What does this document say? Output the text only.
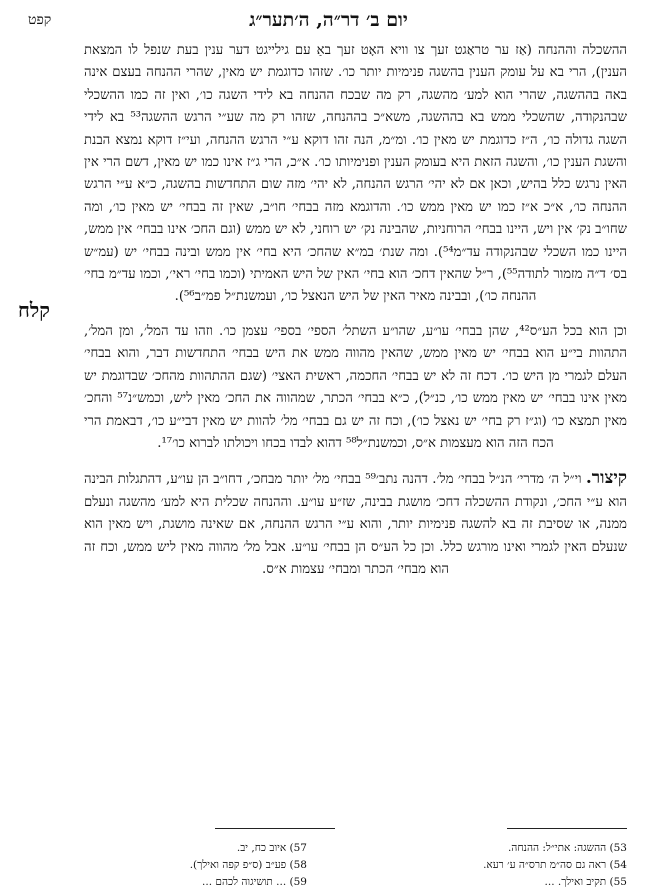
יום ב׳ דר״ה, ה׳תער״ג
קפט
קלח

ההשכלה וההנחה (אַז ער טראַגט זעך צו וויא האָט זעך באַ עם גילייגט דער ענין בעת שנפל לו המצאת הענין), הרי בא על עומק הענין בהשגה פנימיות יותר כו׳. שזהו כדוגמת יש מאין, שהרי ההנחה בעצם אינה באה בההשגה, שהרי הוא למע׳ מהשגה, רק מה שבכח ההנחה בא לידי השגה כו׳, ואין זה כמו ההשכלי שבהנקודה, שהשכלי ממש בא בההשגה, משא״כ בההנחה, שזהו רק מה שע״י הרגש ההשגה⁵³ בא לידי השגה גדולה כו׳, ה״ז כדוגמת יש מאין כו׳. ומ״מ, הנה זהו דוקא ע״י הרגש ההנחה, ועי״ז דוקא נמצא הבנת והשגת הענין כו׳, והשגה הזאת היא בעומק הענין ופנימיותו כו׳. א״כ, הרי ג״ז אינו כמו יש מאין, דשם הרי אין האין נרגש כלל בהיש, וכאן אם לא יהי׳ הרגש ההנחה, לא יהי׳ מזה שום התחדשות בהשגה, כ״א ע״י הרגש ההנחה כו׳, א״כ א״ז כמו יש מאין ממש כו׳. והדוגמא מזה בבחי׳ חו״ב, שאין זה בבחי׳ יש מאין כו׳, ומה שחו״ב נק׳ אין ויש, היינו בבחי׳ הרוחניות, שהבינה נק׳ יש רוחני, לא יש ממש (וגם החכ׳ אינו בבחי׳ אין ממש, היינו כמו השכלי שבהנקודה עד״מ⁵⁴). ומה שנת׳ במ״א שהחכ׳ היא בחי׳ אין ממש ובינה בבחי׳ יש (עמ״ש בס׳ ד״ה מזמור לתודה⁵⁵), ר״ל שהאין דחכ׳ הוא בחי׳ האין של היש האמיתי (וכמו בחי׳ ראי׳, וכמו עד״מ בחי׳ ההנחה כו׳), ובבינה מאיר האין של היש הנאצל כו׳, ועמשנת״ל פמ״ב⁵⁶).

וכן הוא בכל הע״ס⁴², שהן בבחי׳ עו״ע, שהו״ע השתל׳ הספי׳ בספי׳ עצמן כו׳. וזהו עד המל׳, ומן המל׳, התהוות בי״ע הוא בבחי׳ יש מאין ממש, שהאין מהווה ממש את היש בבחי׳ התחדשות דבר, והוא בבחי׳ העלם לגמרי מן היש כו׳. דכח זה לא יש בבחי׳ החכמה, ראשית האצי׳ (שגם ההתהוות מהחכ׳ שבדוגמת יש מאין אינו בבחי׳ יש מאין ממש כו׳, כנ״ל), כ״א בבחי׳ הכתר, שמהווה את החכ׳ מאין ליש, וכמש״נ⁵⁷ והחכ׳ מאין תמצא כו׳ (וג״ז רק בחי׳ יש נאצל כו׳), וכח זה יש גם בבחי׳ מל׳ להוות יש מאין דבי״ע כו׳, דבאמת הרי הכח הזה הוא מעצמות א״ס, וכמשנת״ל⁵⁸ דהוא לבדו בכחו ויכולתו לברוא כו׳¹⁷.

קיצור. וי״ל ה׳ מדרי׳ הנ״ל בבחי׳ מל׳. דהנה נתב׳⁵⁹ בבחי׳ מל׳ יותר מבחכ׳, דחו״ב הן עו״ע, דהתגלות הבינה הוא ע״י החכ׳, ונקודת ההשכלה דחכ׳ מושגת בבינה, שז״ע עו״ע. וההנחה שכלית היא למע׳ מהשגה ונעלם ממנה, או שסיבת זה בא להשגה פנימיות יותר, והוא ע״י הרגש ההנחה, אם שאינה מושגת, ויש מאין הוא שנעלם האין לגמרי ואינו מורגש כלל. וכן כל הע״ס הן בבחי׳ עו״ע. אבל מל׳ מהווה מאין ליש ממש, וכח זה הוא מבחי׳ הכתר ומבחי׳ עצמות א״ס.

53) ההשגה: אתי״ל: ההנחה.
54) ראה גם סה״מ תרס״ה ע׳ רעא.
55) תקיב ואילך. ...
57) איוב כח, יב.
58) פע״ב (ס״פ קפה ואילך).
59) ... תושיגוה לכהם ...
